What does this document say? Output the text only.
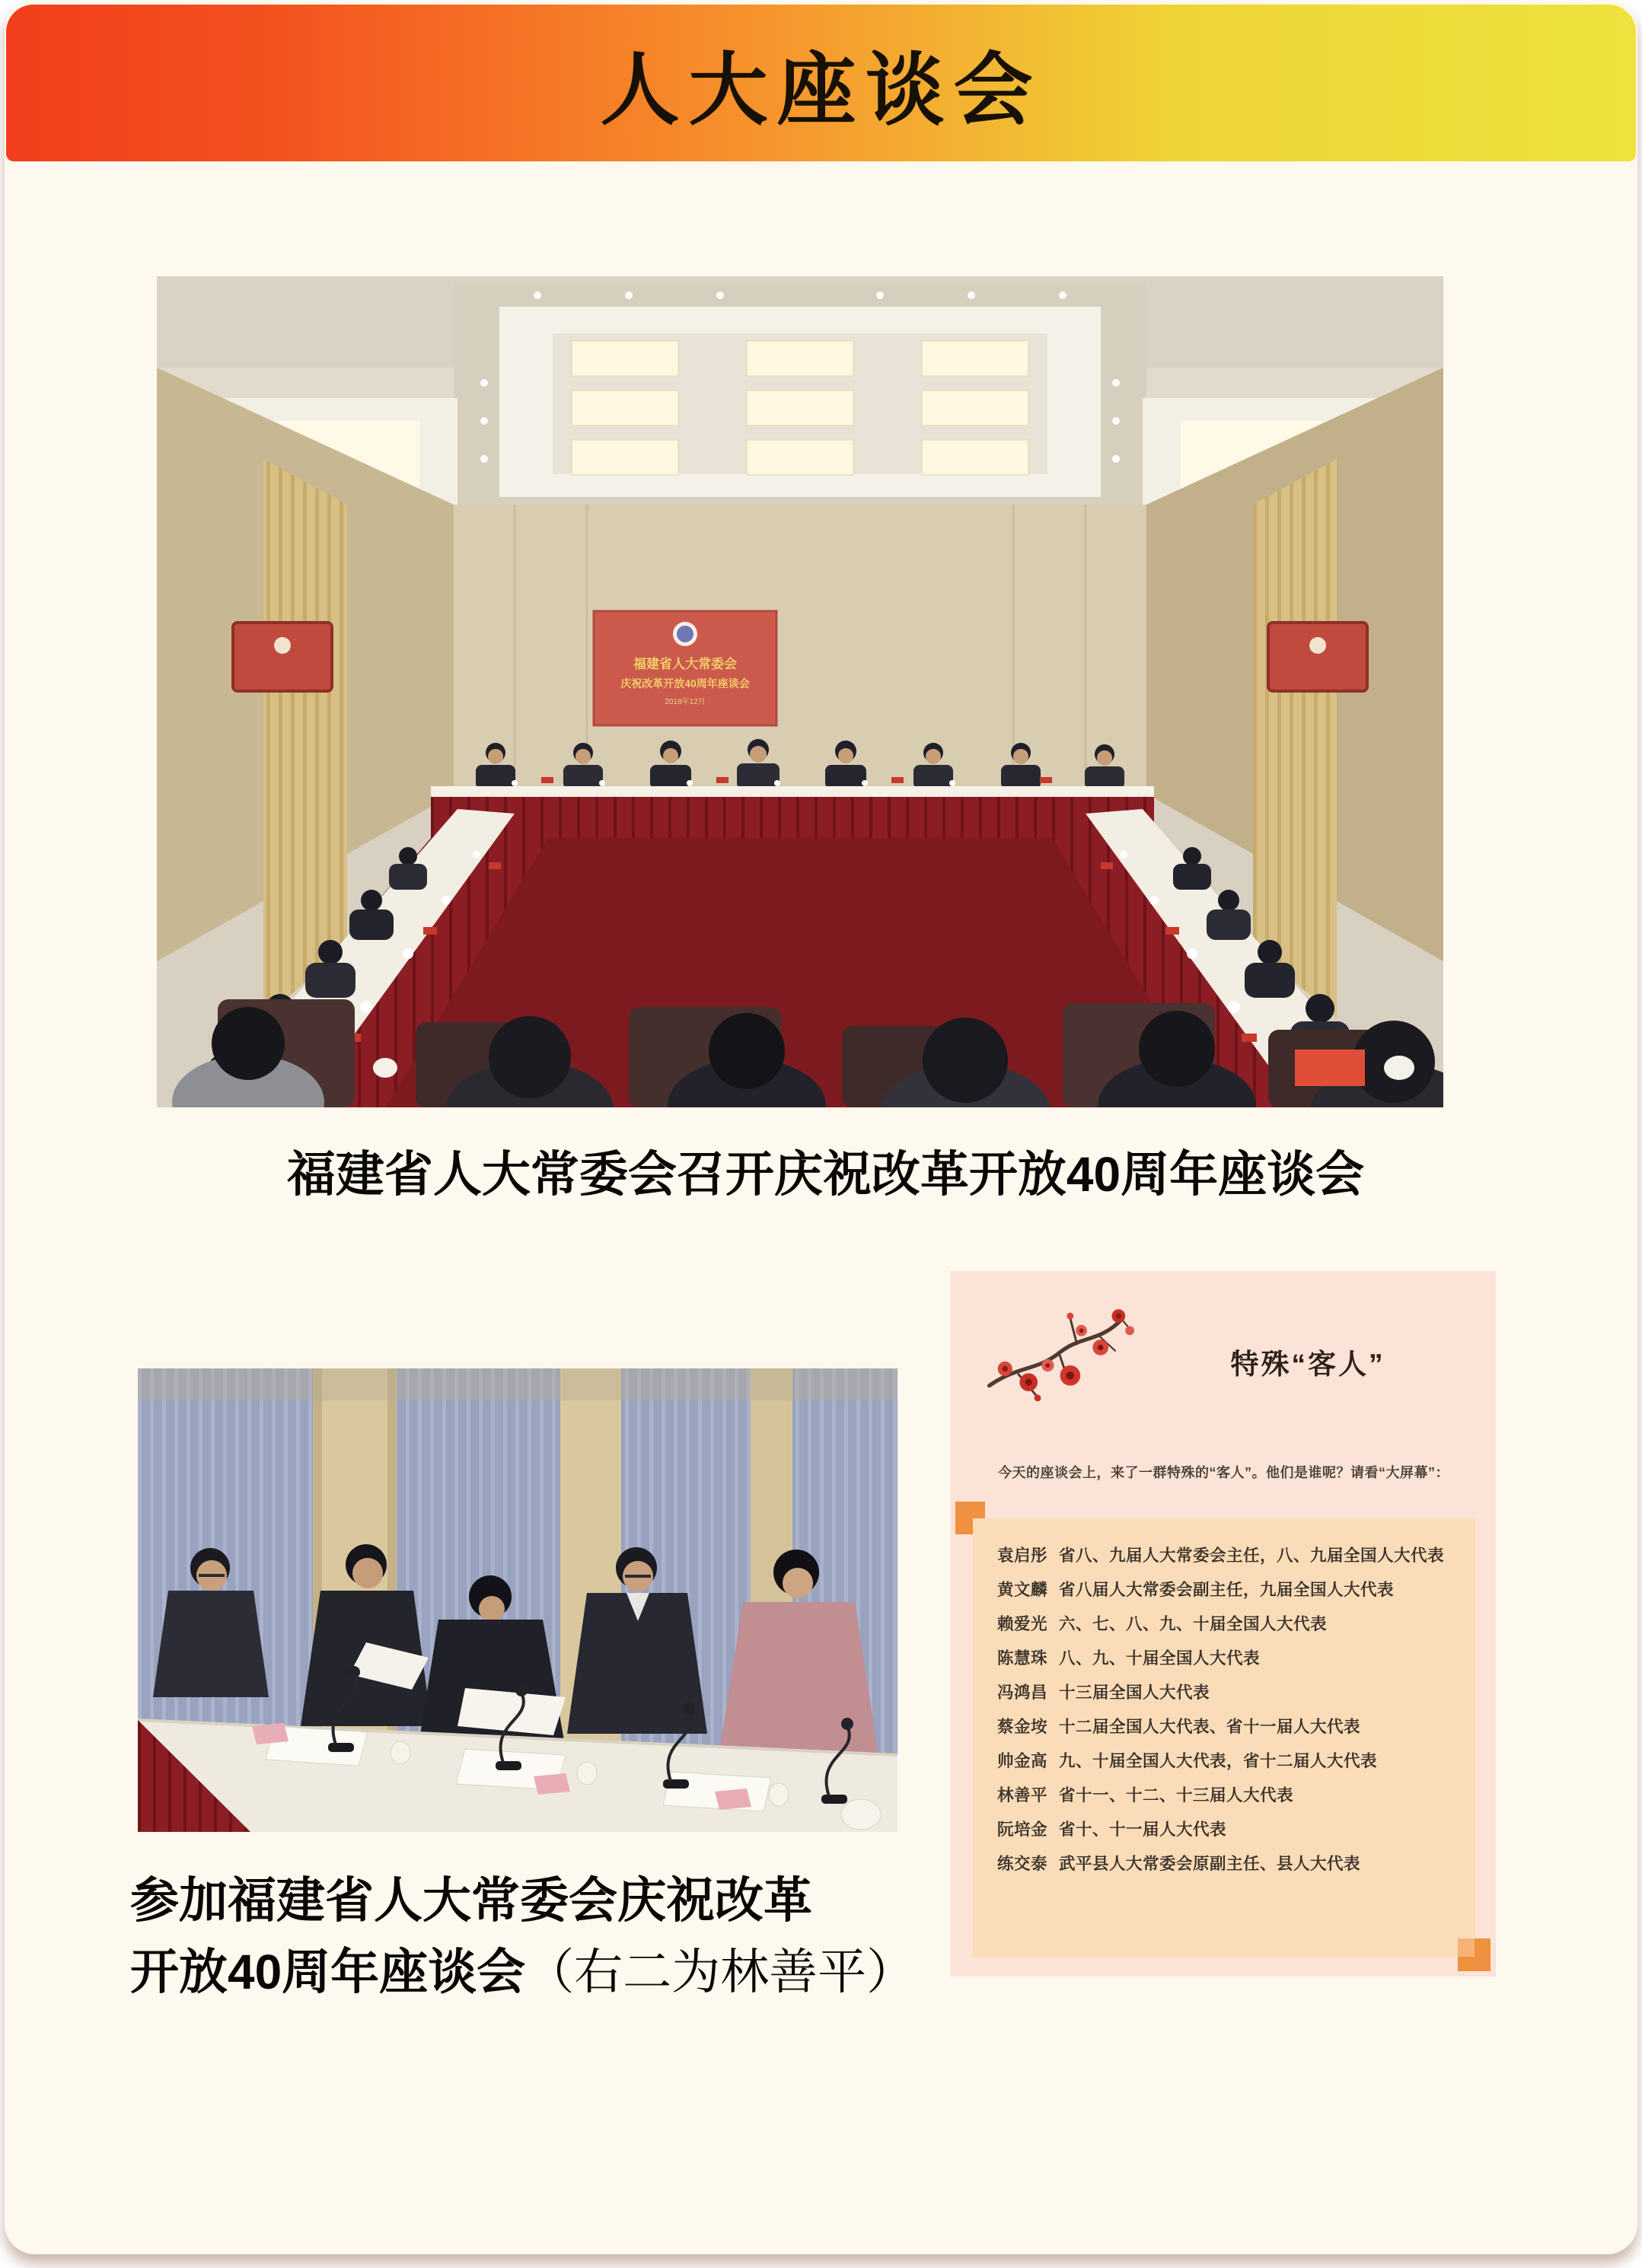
人大座谈会
福建省人大常委会
庆祝改革开放40周年座谈会
2018年12月
福建省人大常委会召开庆祝改革开放40周年座谈会
参加福建省人大常委会庆祝改革
开放40周年座谈会（右二为林善平）
特殊“客人”
今天的座谈会上，来了一群特殊的“客人”。他们是谁呢？请看“大屏幕”：
袁启彤 省八、九届人大常委会主任，八、九届全国人大代表
黄文麟 省八届人大常委会副主任，九届全国人大代表
赖爱光 六、七、八、九、十届全国人大代表
陈慧珠 八、九、十届全国人大代表
冯鸿昌 十三届全国人大代表
蔡金垵 十二届全国人大代表、省十一届人大代表
帅金高 九、十届全国人大代表，省十二届人大代表
林善平 省十一、十二、十三届人大代表
阮培金 省十、十一届人大代表
练交泰 武平县人大常委会原副主任、县人大代表
